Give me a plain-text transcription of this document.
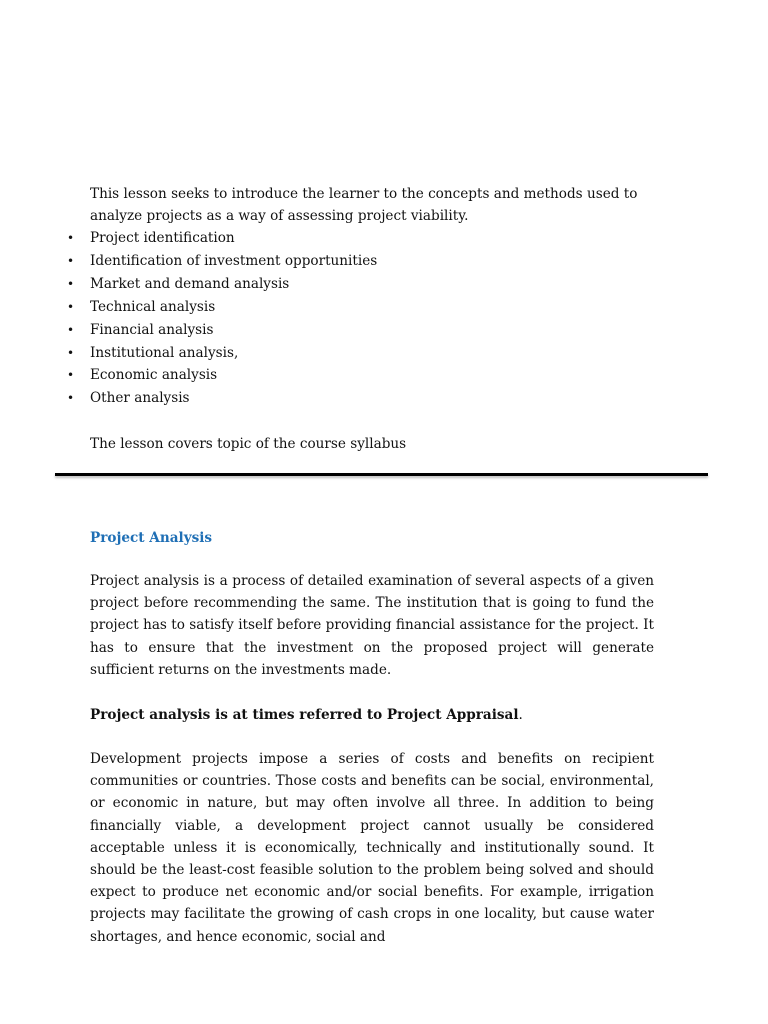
This lesson seeks to introduce the learner to the concepts and methods used to analyze projects as a way of assessing project viability.

• Project identification
• Identification of investment opportunities
• Market and demand analysis
• Technical analysis
• Financial analysis
• Institutional analysis,
• Economic analysis
• Other analysis

The lesson covers topic of the course syllabus

Project Analysis

Project analysis is a process of detailed examination of several aspects of a given project before recommending the same. The institution that is going to fund the project has to satisfy itself before providing financial assistance for the project. It has to ensure that the investment on the proposed project will generate sufficient returns on the investments made.

Project analysis is at times referred to Project Appraisal.

Development projects impose a series of costs and benefits on recipient communities or countries. Those costs and benefits can be social, environmental, or economic in nature, but may often involve all three. In addition to being financially viable, a development project cannot usually be considered acceptable unless it is economically, technically and institutionally sound. It should be the least-cost feasible solution to the problem being solved and should expect to produce net economic and/or social benefits. For example, irrigation projects may facilitate the growing of cash crops in one locality, but cause water shortages, and hence economic, social and
